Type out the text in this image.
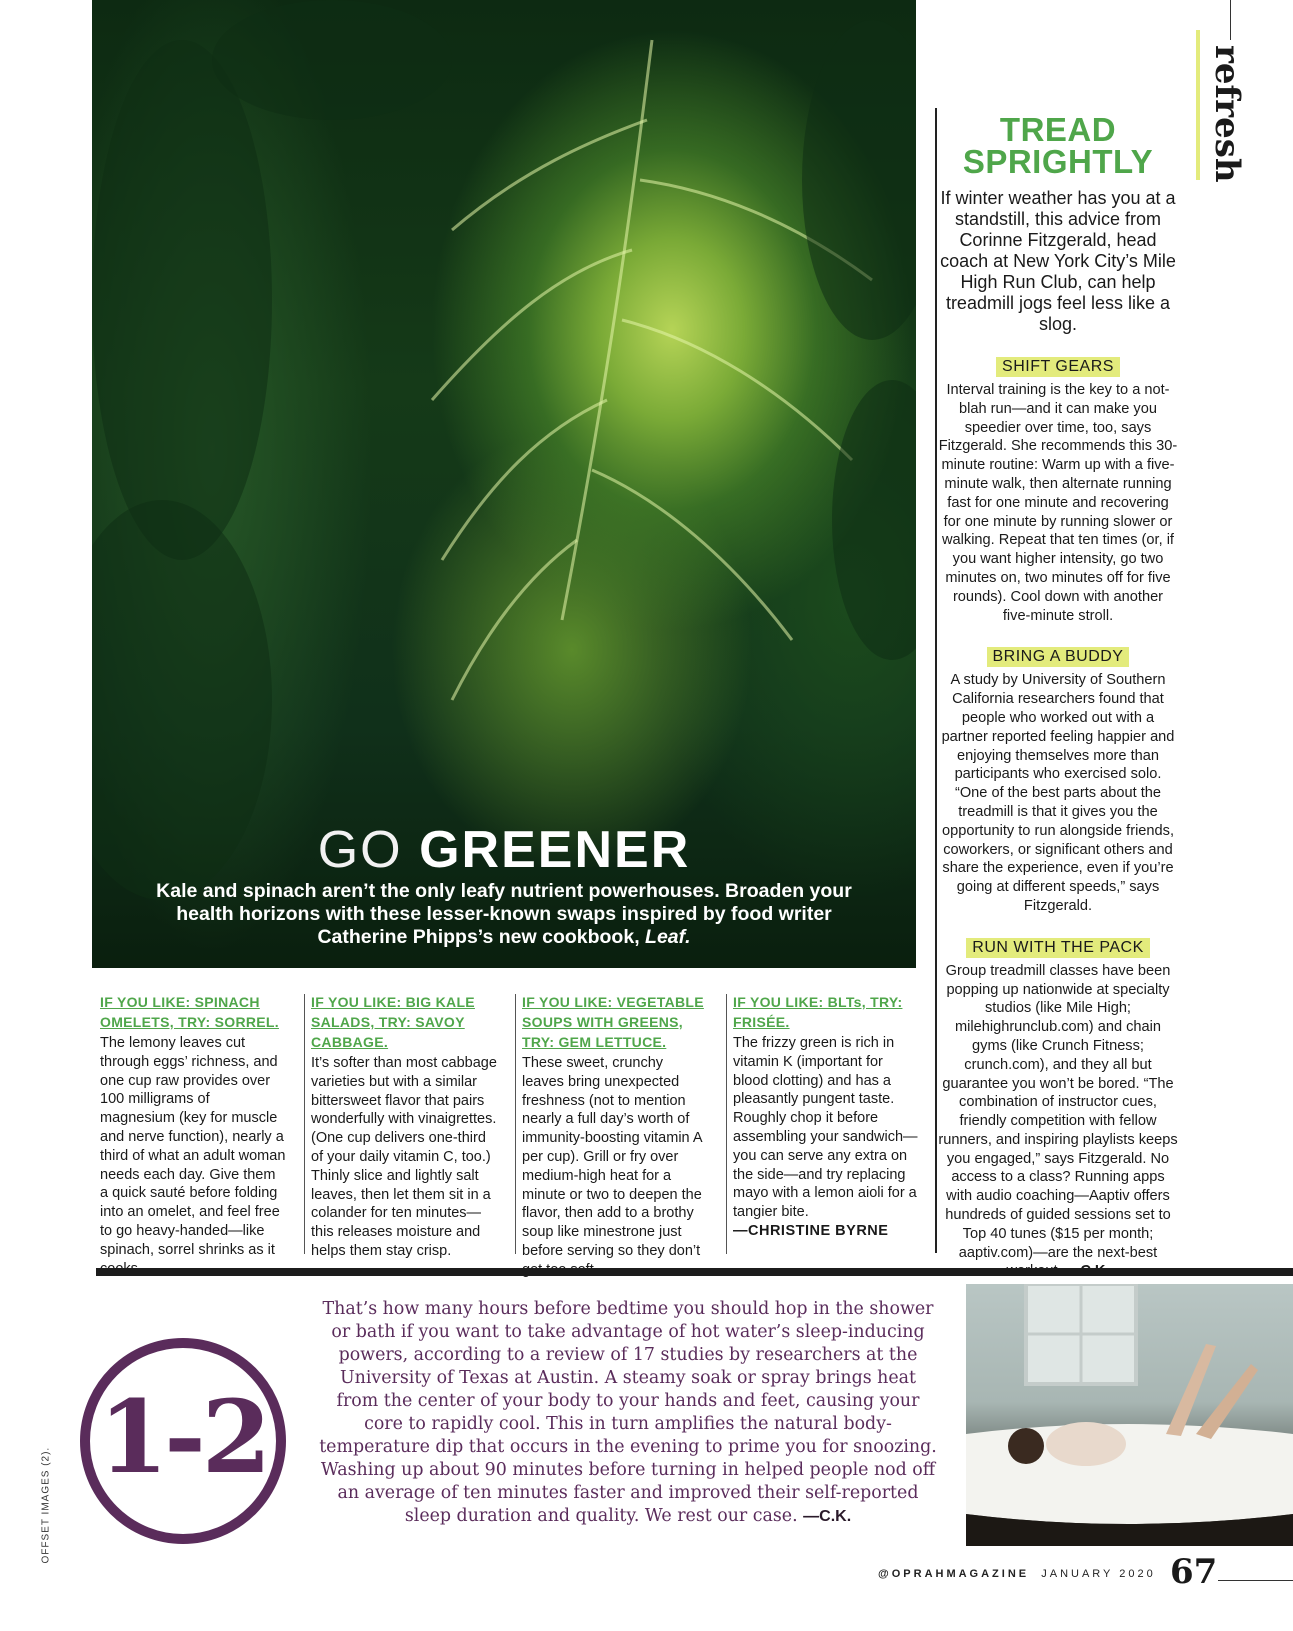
GO GREENER
Kale and spinach aren’t the only leafy nutrient powerhouses. Broaden your health horizons with these lesser-known swaps inspired by food writer Catherine Phipps’s new cookbook, Leaf.
refresh
TREAD
SPRIGHTLY
If winter weather has you at a standstill, this advice from Corinne Fitzgerald, head coach at New York City’s Mile High Run Club, can help treadmill jogs feel less like a slog.
SHIFT GEARS

Interval training is the key to a not-blah run—and it can make you speedier over time, too, says Fitzgerald. She recommends this 30-minute routine: Warm up with a five-minute walk, then alternate running fast for one minute and recovering for one minute by running slower or walking. Repeat that ten times (or, if you want higher intensity, go two minutes on, two minutes off for five rounds). Cool down with another five-minute stroll.

BRING A BUDDY

A study by University of Southern California researchers found that people who worked out with a partner reported feeling happier and enjoying themselves more than participants who exercised solo. “One of the best parts about the treadmill is that it gives you the opportunity to run alongside friends, coworkers, or significant others and share the experience, even if you’re going at different speeds,” says Fitzgerald.

RUN WITH THE PACK

Group treadmill classes have been popping up nationwide at specialty studios (like Mile High; milehighrunclub.com) and chain gyms (like Crunch Fitness; crunch.com), and they all but guarantee you won’t be bored. “The combination of instructor cues, friendly competition with fellow runners, and inspiring playlists keeps you engaged,” says Fitzgerald. No access to a class? Running apps with audio coaching—Aaptiv offers hundreds of guided sessions set to Top 40 tunes ($15 per month; aaptiv.com)—are the next-best

IF YOU LIKE: SPINACH OMELETS, TRY: SORREL.
The lemony leaves cut through eggs’ richness, and one cup raw provides over 100 milligrams of magnesium (key for muscle and nerve function), nearly a third of what an adult woman needs each day. Give them a quick sauté before folding into an omelet, and feel free to go heavy-handed—like spinach, sorrel shrinks as it
IF YOU LIKE: BIG KALE SALADS, TRY: SAVOY CABBAGE.
It’s softer than most cabbage varieties but with a similar bittersweet flavor that pairs wonderfully with vinaigrettes. (One cup delivers one-third of your daily vitamin C, too.) Thinly slice and lightly salt leaves, then let them sit in a colander for ten minutes—this releases moisture and helps them stay crisp.
IF YOU LIKE: VEGETABLE SOUPS WITH GREENS, TRY: GEM LETTUCE.
These sweet, crunchy leaves bring unexpected freshness (not to mention nearly a full day’s worth of immunity-boosting vitamin A per cup). Grill or fry over medium-high heat for a minute or two to deepen the flavor, then add to a brothy soup like minestrone just before serving so they don’t
IF YOU LIKE: BLTs, TRY: FRISÉE.
The frizzy green is rich in vitamin K (important for blood clotting) and has a pleasantly pungent taste. Roughly chop it before assembling your sandwich—you can serve any extra on the side—and try replacing mayo with a lemon aioli for a tangier bite.
—CHRISTINE BYRNE
1-2
That’s how many hours before bedtime you should hop in the shower or bath if you want to take advantage of hot water’s sleep-inducing powers, according to a review of 17 studies by researchers at the University of Texas at Austin. A steamy soak or spray brings heat from the center of your body to your hands and feet, causing your core to rapidly cool. This in turn amplifies the natural body-temperature dip that occurs in the evening to prime you for snoozing. Washing up about 90 minutes before turning in helped people nod off an average of ten minutes faster and improved their self-reported sleep duration and quality. We rest our case. —C.K.
OFFSET IMAGES (2).
@OPRAHMAGAZINE JANUARY 2020 67
